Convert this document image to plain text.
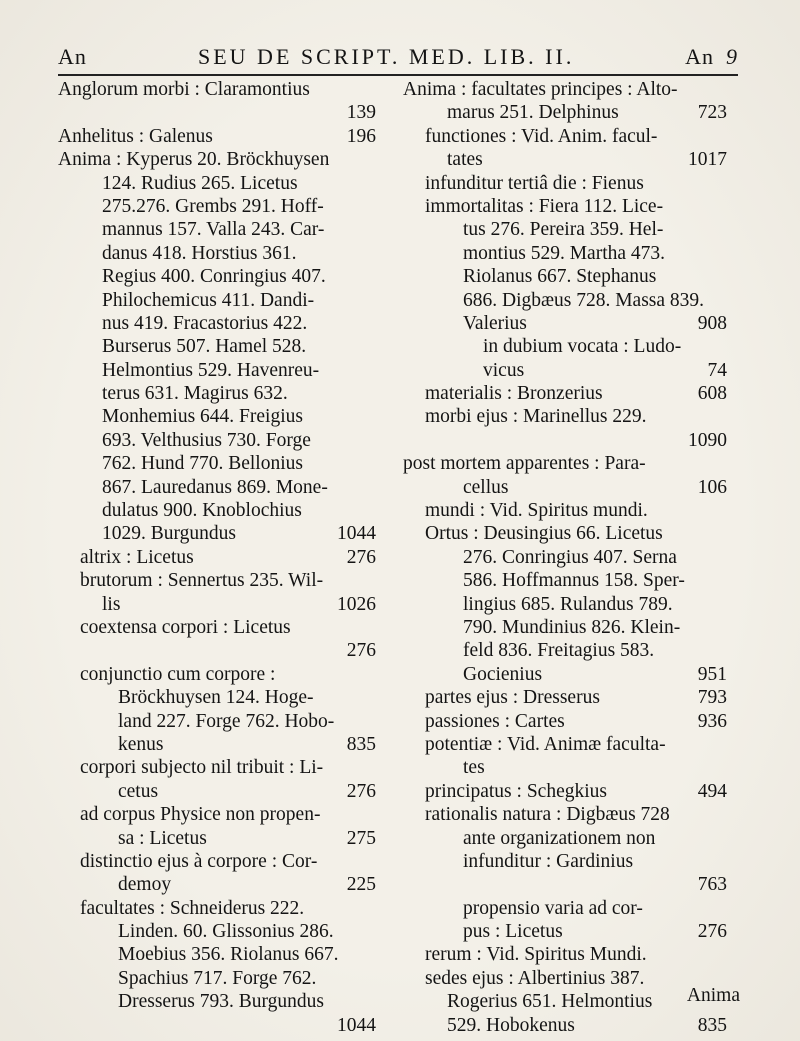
An	SEU DE SCRIPT. MED. LIB. II.	An 9
Anglorum morbi : Claramontius
139
Anhelitus : Galenus	196
Anima : Kyperus 20. Bröckhuysen
124. Rudius 265. Licetus
275.276. Grembs 291. Hoff-
mannus 157. Valla 243. Car-
danus 418. Horstius 361.
Regius 400. Conringius 407.
Philochemicus 411. Dandi-
nus 419. Fracastorius 422.
Burserus 507. Hamel 528.
Helmontius 529. Havenreu-
terus 631. Magirus 632.
Monhemius 644. Freigius
693. Velthusius 730. Forge
762. Hund 770. Bellonius
867. Lauredanus 869. Mone-
dulatus 900. Knoblochius
1029. Burgundus	1044
altrix : Licetus	276
brutorum : Sennertus 235. Wil-
lis	1026
coextensa corpori : Licetus
276
conjunctio cum corpore :
Bröckhuysen 124. Hoge-
land 227. Forge 762. Hobo-
kenus	835
corpori subjecto nil tribuit : Li-
cetus	276
ad corpus Physice non propen-
sa : Licetus	275
distinctio ejus à corpore : Cor-
demoy	225
facultates : Schneiderus 222.
Linden. 60. Glissonius 286.
Moebius 356. Riolanus 667.
Spachius 717. Forge 762.
Dresserus 793. Burgundus
1044
Anima : facultates principes : Alto-
marus 251. Delphinus	723
functiones : Vid. Anim. facul-
tates	1017
infunditur tertiâ die : Fienus
immortalitas : Fiera 112. Lice-
tus 276. Pereira 359. Hel-
montius 529. Martha 473.
Riolanus 667. Stephanus
686. Digbæus 728. Massa 839.
Valerius	908
in dubium vocata : Ludo-
vicus	74
materialis : Bronzerius	608
morbi ejus : Marinellus 229.
1090
post mortem apparentes : Para-
cellus	106
mundi : Vid. Spiritus mundi.
Ortus : Deusingius 66. Licetus
276. Conringius 407. Serna
586. Hoffmannus 158. Sper-
lingius 685. Rulandus 789.
790. Mundinius 826. Klein-
feld 836. Freitagius 583.
Gocienius	951
partes ejus : Dresserus	793
passiones : Cartes	936
potentiæ : Vid. Animæ faculta-
tes
principatus : Schegkius	494
rationalis natura : Digbæus 728
ante organizationem non
infunditur : Gardinius
763
propensio varia ad cor-
pus : Licetus	276
rerum : Vid. Spiritus Mundi.
sedes ejus : Albertinius 387.
Rogerius 651. Helmontius
529. Hobokenus	835
Anima
